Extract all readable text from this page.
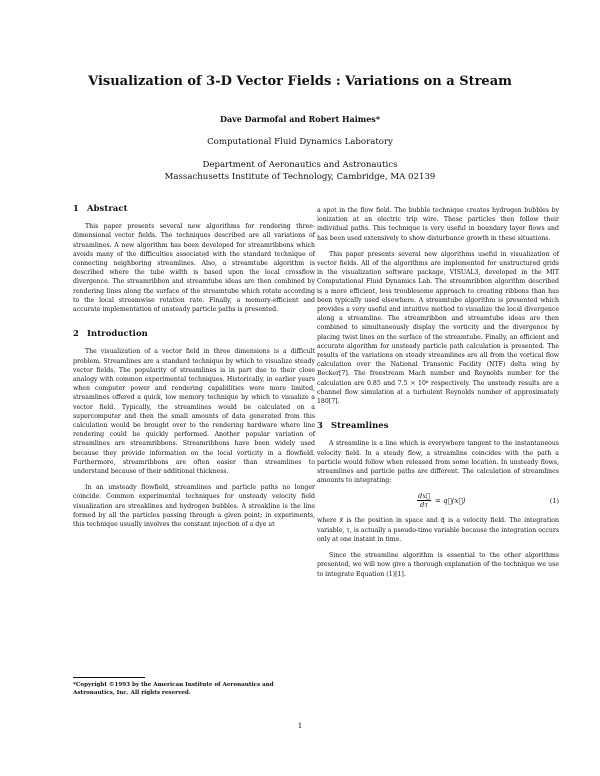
Visualization of 3-D Vector Fields : Variations on a Stream
Dave Darmofal and Robert Haimes*
Computational Fluid Dynamics Laboratory
Department of Aeronautics and Astronautics
Massachusetts Institute of Technology, Cambridge, MA 02139
1 Abstract

This paper presents several new algorithms for rendering three-dimensional vector fields. The techniques described are all variations of streamlines. A new algorithm has been developed for streamribbons which avoids many of the difficulties associated with the standard technique of connecting neighboring streamlines. Also, a streamtube algorithm is described where the tube width is based upon the local crossflow divergence. The streamribbon and streamtube ideas are then combined by rendering lines along the surface of the streamtube which rotate according to the local streamwise rotation rate. Finally, a memory-efficient and accurate implementation of unsteady particle paths is presented.

2 Introduction

The visualization of a vector field in three dimensions is a difficult problem. Streamlines are a standard technique by which to visualize steady vector fields. The popularity of streamlines is in part due to their close analogy with common experimental techniques. Historically, in earlier years when computer power and rendering capabilities were more limited, streamlines offered a quick, low memory technique by which to visualize a vector field. Typically, the streamlines would be calculated on a supercomputer and then the small amounts of data generated from this calculation would be brought over to the rendering hardware where line rendering could be quickly performed. Another popular variation of streamlines are streamribbons. Streamribbons have been widely used because they provide information on the local vorticity in a flowfield. Furthermore, streamribbons are often easier than streamlines to understand because of their additional thickness.

In an unsteady flowfield, streamlines and particle paths no longer coincide. Common experimental techniques for unsteady velocity field visualization are streaklines and hydrogen bubbles. A streakline is the line formed by all the particles passing through a given point; in experiments, this technique usually involves the constant injection of a dye at

a spot in the flow field. The bubble technique creates hydrogen bubbles by ionization at an electric trip wire. These particles then follow their individual paths. This technique is very useful in boundary layer flows and has been used extensively to show disturbance growth in these situations.

This paper presents several new algorithms useful in visualization of vector fields. All of the algorithms are implemented for unstructured grids in the visualization software package, VISUAL3, developed in the MIT Computational Fluid Dynamics Lab. The streamribbon algorithm described is a more efficient, less troublesome approach to creating ribbons than has been typically used elsewhere. A streamtube algorithm is presented which provides a very useful and intuitive method to visualize the local divergence along a streamline. The streamribbon and streamtube ideas are then combined to simultaneously display the vorticity and the divergence by placing twist lines on the surface of the streamtube. Finally, an efficient and accurate algorithm for unsteady particle path calculation is presented. The results of the variations on steady streamlines are all from the vortical flow calculation over the National Transonic Facility (NTF) delta wing by Becker[7]. The freestream Mach number and Reynolds number for the calculation are 0.85 and 7.5 × 10⁶ respectively. The unsteady results are a channel flow simulation at a turbulent Reynolds number of approximately 180[7].

3 Streamlines

A streamline is a line which is everywhere tangent to the instantaneous velocity field. In a steady flow, a streamline coincides with the path a particle would follow when released from some location. In unsteady flows, streamlines and particle paths are different. The calculation of streamlines amounts to integrating:

$\frac{dx⃗}{d\tau}$ = q⃗(x⃗)	(1)

where x⃗ is the position in space and q⃗ is a velocity field. The integration variable, τ, is actually a pseudo-time variable because the integration occurs only at one instant in time.

Since the streamline algorithm is essential to the other algorithms presented, we will now give a thorough explanation of the technique we use to integrate Equation (1)[1].

*Copyright ©1993 by the American Institute of Aeronautics and Astronautics, Inc. All rights reserved.
1
